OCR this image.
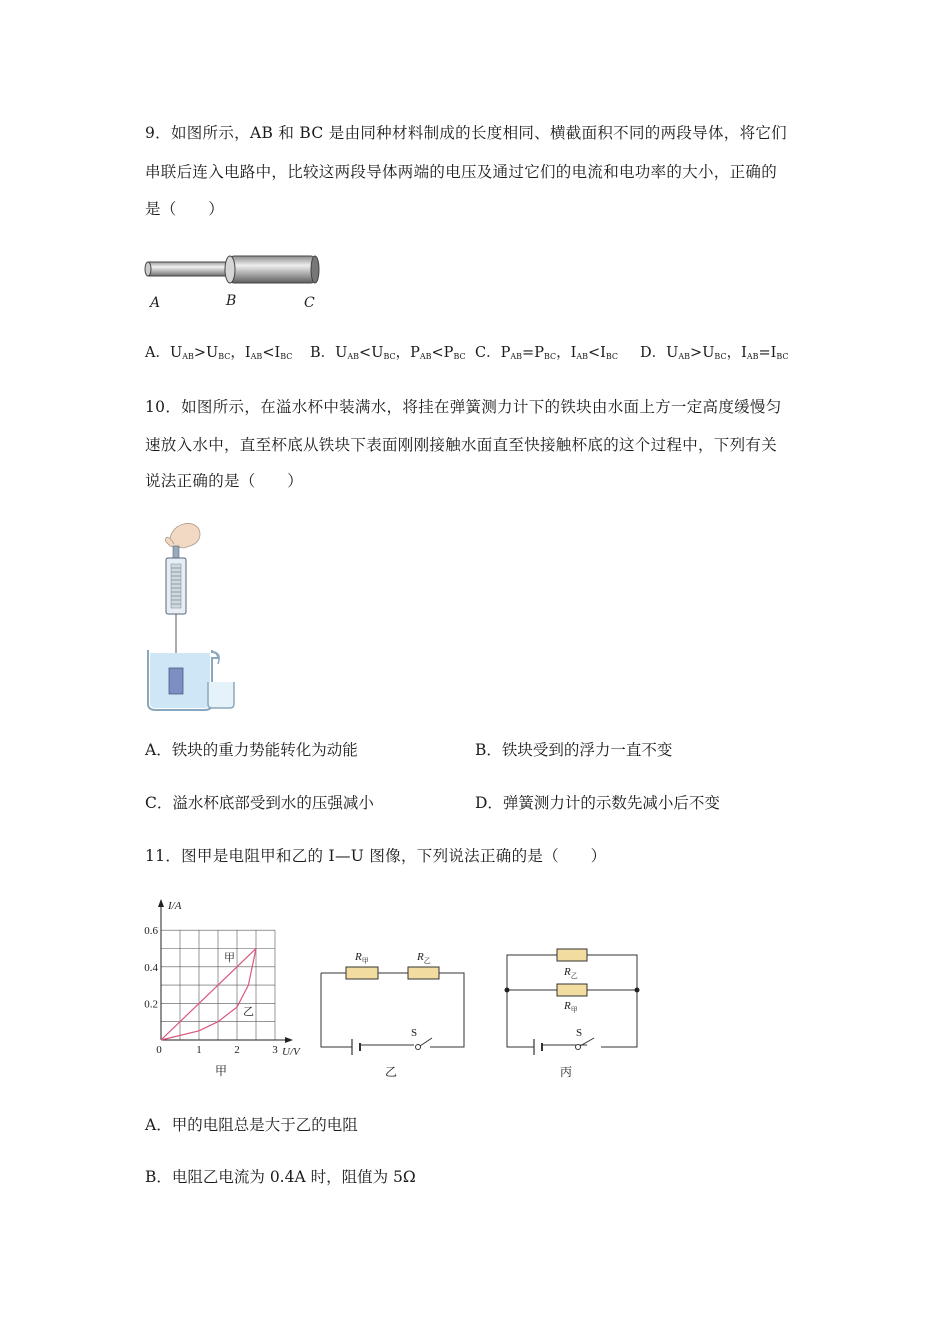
9．如图所示，AB 和 BC 是由同种材料制成的长度相同、横截面积不同的两段导体，将它们
串联后连入电路中，比较这两段导体两端的电压及通过它们的电流和电功率的大小，正确的
是（　　）
A	B	C
A．$U_{AB}>U_{BC}$，$I_{AB}<I_{BC}$ B．$U_{AB}<U_{BC}$，$P_{AB}<P_{BC}$ C．$P_{AB}=P_{BC}$，$I_{AB}<I_{BC}$ D．$U_{AB}>U_{BC}$，$I_{AB}=I_{BC}$
10．如图所示，在溢水杯中装满水，将挂在弹簧测力计下的铁块由水面上方一定高度缓慢匀
速放入水中，直至杯底从铁块下表面刚刚接触水面直至快接触杯底的这个过程中，下列有关
说法正确的是（　　）
A．铁块的重力势能转化为动能	B．铁块受到的浮力一直不变
C．溢水杯底部受到水的压强减小	D．弹簧测力计的示数先减小后不变
11．图甲是电阻甲和乙的 I—U 图像，下列说法正确的是（　　）
I/A
U/V
0.6
0.4
0.2
0	1	2	3
甲
乙
甲
$R_甲$	$R_乙$
S
乙
$R_乙$
$R_甲$
S
丙
A．甲的电阻总是大于乙的电阻
B．电阻乙电流为 0.4A 时，阻值为 5Ω
